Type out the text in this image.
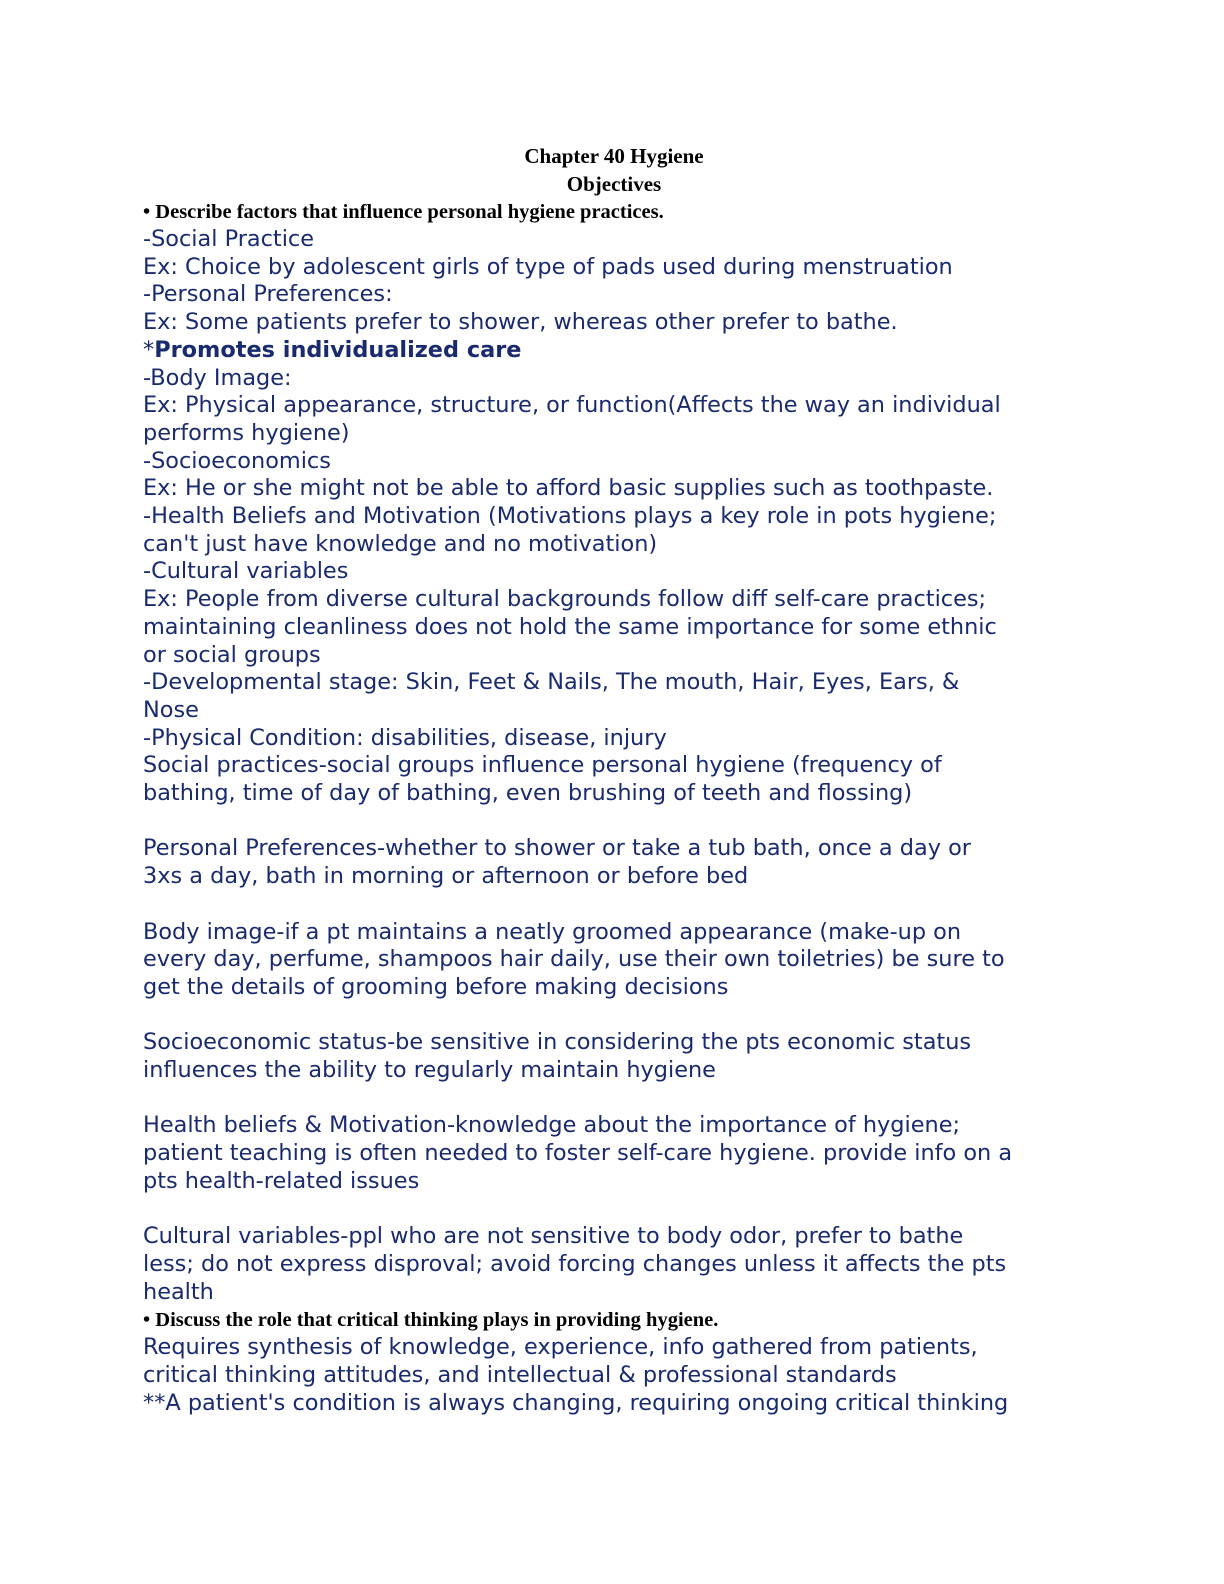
Chapter 40 Hygiene
Objectives
• Describe factors that influence personal hygiene practices.
-Social Practice
Ex: Choice by adolescent girls of type of pads used during menstruation
-Personal Preferences:
Ex: Some patients prefer to shower, whereas other prefer to bathe.
*Promotes individualized care
-Body Image:
Ex: Physical appearance, structure, or function(Affects the way an individual
performs hygiene)
-Socioeconomics
Ex: He or she might not be able to afford basic supplies such as toothpaste.
-Health Beliefs and Motivation (Motivations plays a key role in pots hygiene;
can't just have knowledge and no motivation)
-Cultural variables
Ex: People from diverse cultural backgrounds follow diff self-care practices;
maintaining cleanliness does not hold the same importance for some ethnic
or social groups
-Developmental stage: Skin, Feet & Nails, The mouth, Hair, Eyes, Ears, &
Nose
-Physical Condition: disabilities, disease, injury
Social practices-social groups influence personal hygiene (frequency of
bathing, time of day of bathing, even brushing of teeth and flossing)
Personal Preferences-whether to shower or take a tub bath, once a day or
3xs a day, bath in morning or afternoon or before bed
Body image-if a pt maintains a neatly groomed appearance (make-up on
every day, perfume, shampoos hair daily, use their own toiletries) be sure to
get the details of grooming before making decisions
Socioeconomic status-be sensitive in considering the pts economic status
influences the ability to regularly maintain hygiene
Health beliefs & Motivation-knowledge about the importance of hygiene;
patient teaching is often needed to foster self-care hygiene. provide info on a
pts health-related issues
Cultural variables-ppl who are not sensitive to body odor, prefer to bathe
less; do not express disproval; avoid forcing changes unless it affects the pts
health
• Discuss the role that critical thinking plays in providing hygiene.
Requires synthesis of knowledge, experience, info gathered from patients,
critical thinking attitudes, and intellectual & professional standards
**A patient's condition is always changing, requiring ongoing critical thinking
